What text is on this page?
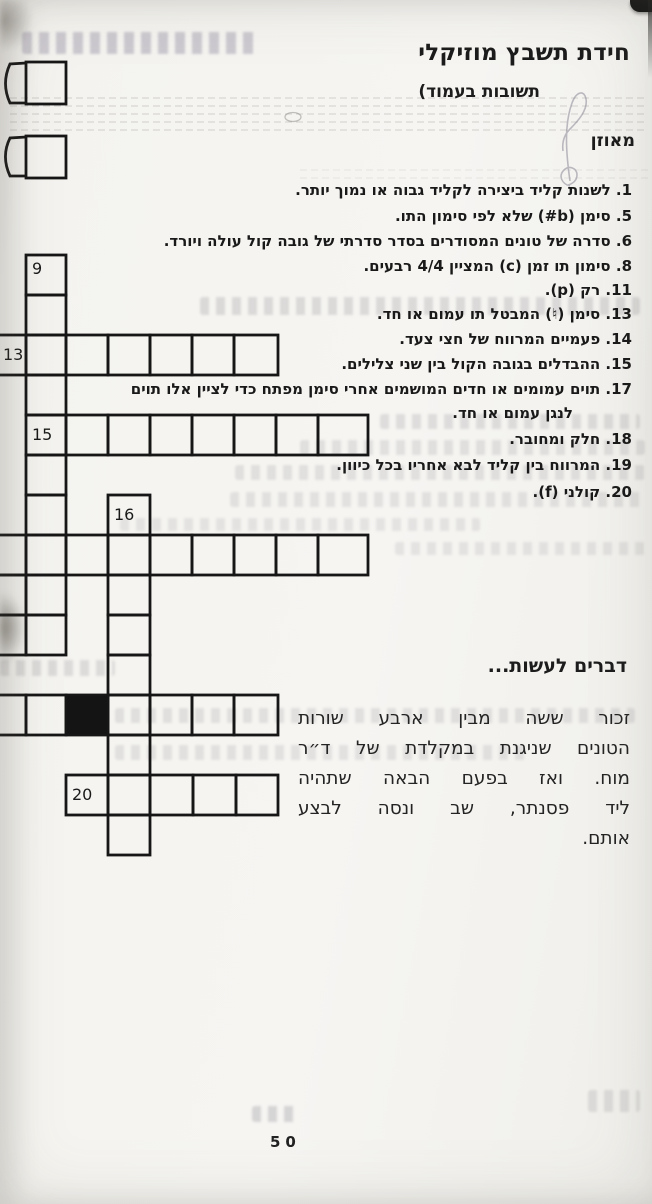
9
13
15
16
20
חידת תשבץ מוזיקלי
תשובות בעמוד)
מאוזן
1. לשנות קליד ביצירה לקליד גבוה או נמוך יותר.
5. סימן ⁦(#b)⁩ שלא לפי סימון התו.
6. סדרה של טונים המסודרים בסדר סדרתי של גובה קול עולה ויורד.
8. סימון תו זמן ⁦(c)⁩ המציין 4/4 רבעים.
11. רק ⁦(p)⁩.
13. סימן (♮) המבטל תו עמום או חד.
14. פעמיים המרווח של חצי צעד.
15. ההבדלים בגובה הקול בין שני צלילים.
17. תוים עמומים או חדים המושמים אחרי סימן מפתח כדי לציין אלו תוים
לנגן עמום או חד.
18. חלק ומחובר.
19. המרווח בין קליד לבא אחריו בכל כיוון.
20. קולני ⁦(f)⁩.
דברים לעשות...
זכור ששה מבין ארבע שורות
הטונים שניגנת במקלדת של ד״ר
מוח. ואז בפעם הבאה שתהיה
ליד פסנתר, שב ונסה לבצע
אותם.
50
